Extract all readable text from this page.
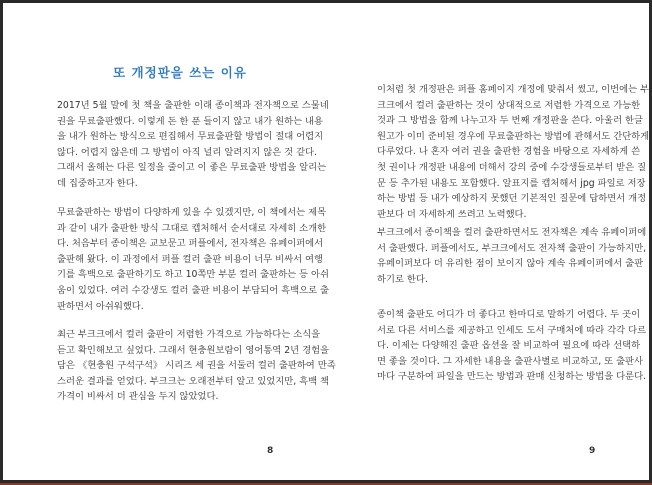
또 개정판을 쓰는 이유
2017년 5월 말에 첫 책을 출판한 이래 종이책과 전자책으로 스물네
권을 무료출판했다. 이렇게 돈 한 푼 들이지 않고 내가 원하는 내용
을 내가 원하는 방식으로 편집해서 무료출판할 방법이 절대 어렵지
않다. 어렵지 않은데 그 방법이 아직 널리 알려지지 않은 것 같다.
그래서 올해는 다른 일정을 줄이고 이 좋은 무료출판 방법을 알리는
데 집중하고자 한다.
무료출판하는 방법이 다양하게 있을 수 있겠지만, 이 책에서는 제목
과 같이 내가 출판한 방식 그대로 캡처해서 순서대로 자세히 소개한
다. 처음부터 종이책은 교보문고 퍼플에서, 전자책은 유페이퍼에서
출판해 왔다. 이 과정에서 퍼플 컬러 출판 비용이 너무 비싸서 여행
기를 흑백으로 출판하기도 하고 10쪽만 부분 컬러 출판하는 등 아쉬
움이 있었다. 여러 수강생도 컬러 출판 비용이 부담되어 흑백으로 출
판하면서 아쉬워했다.
최근 부크크에서 컬러 출판이 저렴한 가격으로 가능하다는 소식을
듣고 확인해보고 싶었다. 그래서 현충원보람이 영어통역 2년 경험을
담은 《현충원 구석구석》 시리즈 세 권을 서둘러 컬러 출판하여 만족
스러운 결과를 얻었다. 부크크는 오래전부터 알고 있었지만, 흑백 책
가격이 비싸서 더 관심을 두지 않았었다.
8
이처럼 첫 개정판은 퍼플 홈페이지 개정에 맞춰서 썼고, 이번에는 부
크크에서 컬러 출판하는 것이 상대적으로 저렴한 가격으로 가능한
것과 그 방법을 함께 나누고자 두 번째 개정판을 쓴다. 아울러 한글
원고가 이미 준비된 경우에 무료출판하는 방법에 관해서도 간단하게
다루었다. 나 혼자 여러 권을 출판한 경험을 바탕으로 자세하게 쓴
첫 권이나 개정판 내용에 더해서 강의 중에 수강생들로부터 받은 질
문 등 추가된 내용도 포함했다. 알표지를 캡처해서 jpg 파일로 저장
하는 방법 등 내가 예상하지 못했던 기본적인 질문에 답하면서 개정
판보다 더 자세하게 쓰려고 노력했다.
부크크에서 종이책을 컬러 출판하면서도 전자책은 계속 유페이퍼에
서 출판했다. 퍼플에서도, 부크크에서도 전자책 출판이 가능하지만,
유페이퍼보다 더 유리한 점이 보이지 않아 계속 유페이퍼에서 출판
하기로 한다.
종이책 출판도 어디가 더 좋다고 한마디로 말하기 어렵다. 두 곳이
서로 다른 서비스를 제공하고 인세도 도서 구매처에 따라 각각 다르
다. 이제는 다양해진 출판 옵션을 잘 비교하여 필요에 따라 선택하
면 좋을 것이다. 그 자세한 내용을 출판사별로 비교하고, 또 출판사
마다 구분하여 파일을 만드는 방법과 판매 신청하는 방법을 다룬다.
9
